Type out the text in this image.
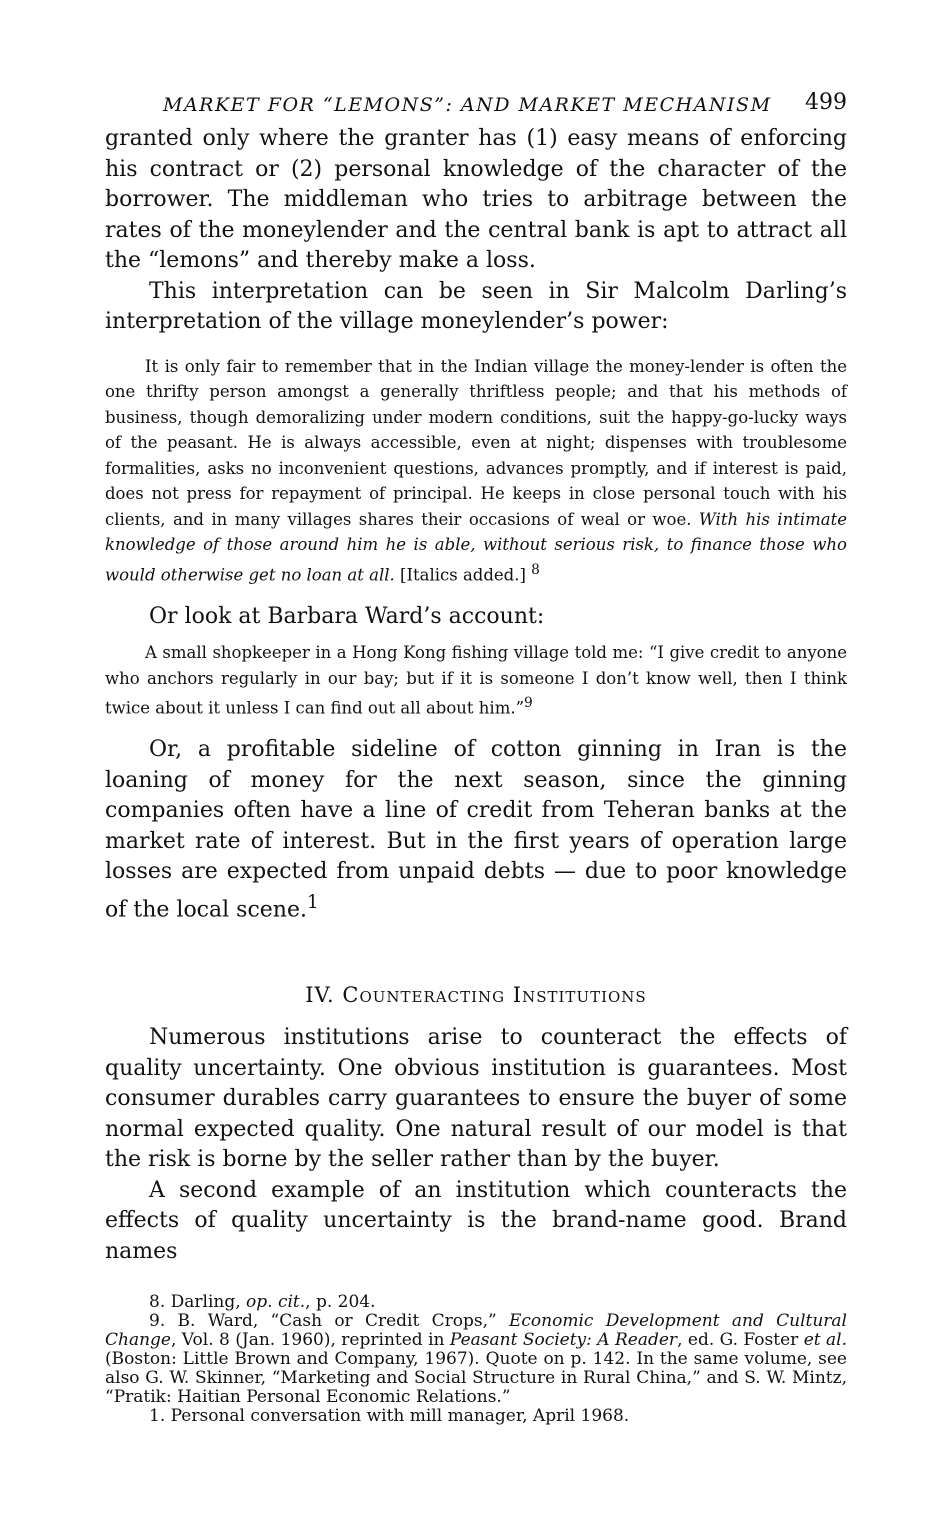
MARKET FOR “LEMONS”: AND MARKET MECHANISM 499

granted only where the granter has (1) easy means of enforcing his contract or (2) personal knowledge of the character of the borrower. The middleman who tries to arbitrage between the rates of the moneylender and the central bank is apt to attract all the “lemons” and thereby make a loss.

This interpretation can be seen in Sir Malcolm Darling’s interpretation of the village moneylender’s power:

It is only fair to remember that in the Indian village the money-lender is often the one thrifty person amongst a generally thriftless people; and that his methods of business, though demoralizing under modern conditions, suit the happy-go-lucky ways of the peasant. He is always accessible, even at night; dispenses with troublesome formalities, asks no inconvenient questions, advances promptly, and if interest is paid, does not press for repayment of principal. He keeps in close personal touch with his clients, and in many villages shares their occasions of weal or woe. With his intimate knowledge of those around him he is able, without serious risk, to finance those who would otherwise get no loan at all. [Italics added.] $^8$

Or look at Barbara Ward’s account:

A small shopkeeper in a Hong Kong fishing village told me: “I give credit to anyone who anchors regularly in our bay; but if it is someone I don’t know well, then I think twice about it unless I can find out all about him.”$^9$

Or, a profitable sideline of cotton ginning in Iran is the loaning of money for the next season, since the ginning companies often have a line of credit from Teheran banks at the market rate of interest. But in the first years of operation large losses are expected from unpaid debts — due to poor knowledge of the local scene.$^1$

IV. Counteracting Institutions

Numerous institutions arise to counteract the effects of quality uncertainty. One obvious institution is guarantees. Most consumer durables carry guarantees to ensure the buyer of some normal expected quality. One natural result of our model is that the risk is borne by the seller rather than by the buyer.

A second example of an institution which counteracts the effects of quality uncertainty is the brand-name good. Brand names

8. Darling, op. cit., p. 204.

9. B. Ward, “Cash or Credit Crops,” Economic Development and Cultural Change, Vol. 8 (Jan. 1960), reprinted in Peasant Society: A Reader, ed. G. Foster et al. (Boston: Little Brown and Company, 1967). Quote on p. 142. In the same volume, see also G. W. Skinner, “Marketing and Social Structure in Rural China,” and S. W. Mintz, “Pratik: Haitian Personal Economic Relations.”

1. Personal conversation with mill manager, April 1968.
